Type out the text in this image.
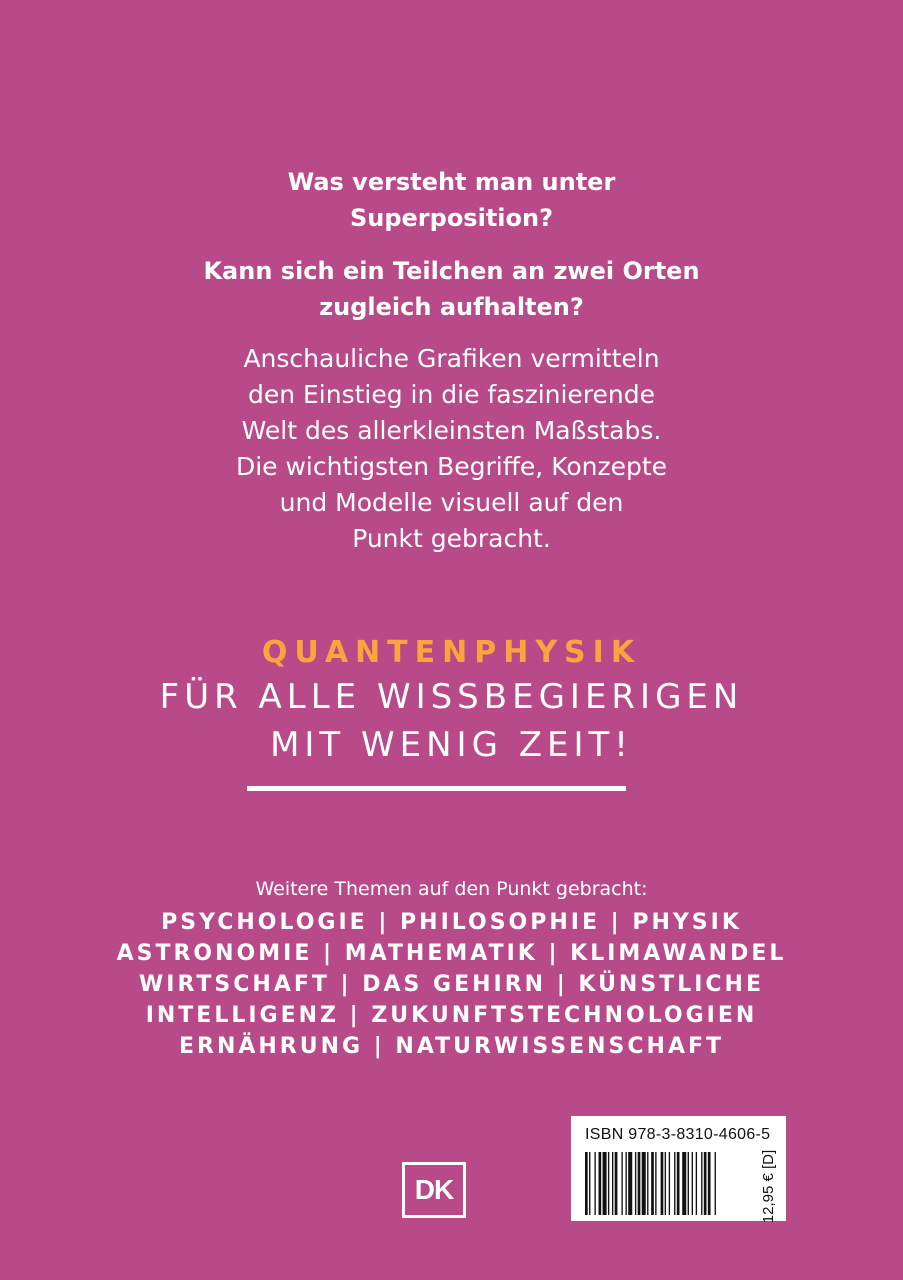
Was versteht man unter
Superposition?

Kann sich ein Teilchen an zwei Orten
zugleich aufhalten?

Anschauliche Grafiken vermitteln
den Einstieg in die faszinierende
Welt des allerkleinsten Maßstabs.
Die wichtigsten Begriffe, Konzepte
und Modelle visuell auf den
Punkt gebracht.
QUANTENPHYSIK
FÜR ALLE WISSBEGIERIGEN
MIT WENIG ZEIT!
Weitere Themen auf den Punkt gebracht:
PSYCHOLOGIE | PHILOSOPHIE | PHYSIK
ASTRONOMIE | MATHEMATIK | KLIMAWANDEL
WIRTSCHAFT | DAS GEHIRN | KÜNSTLICHE
INTELLIGENZ | ZUKUNFTSTECHNOLOGIEN
ERNÄHRUNG | NATURWISSENSCHAFT
DK
ISBN 978-3-8310-4606-5
12,95 € [D]
